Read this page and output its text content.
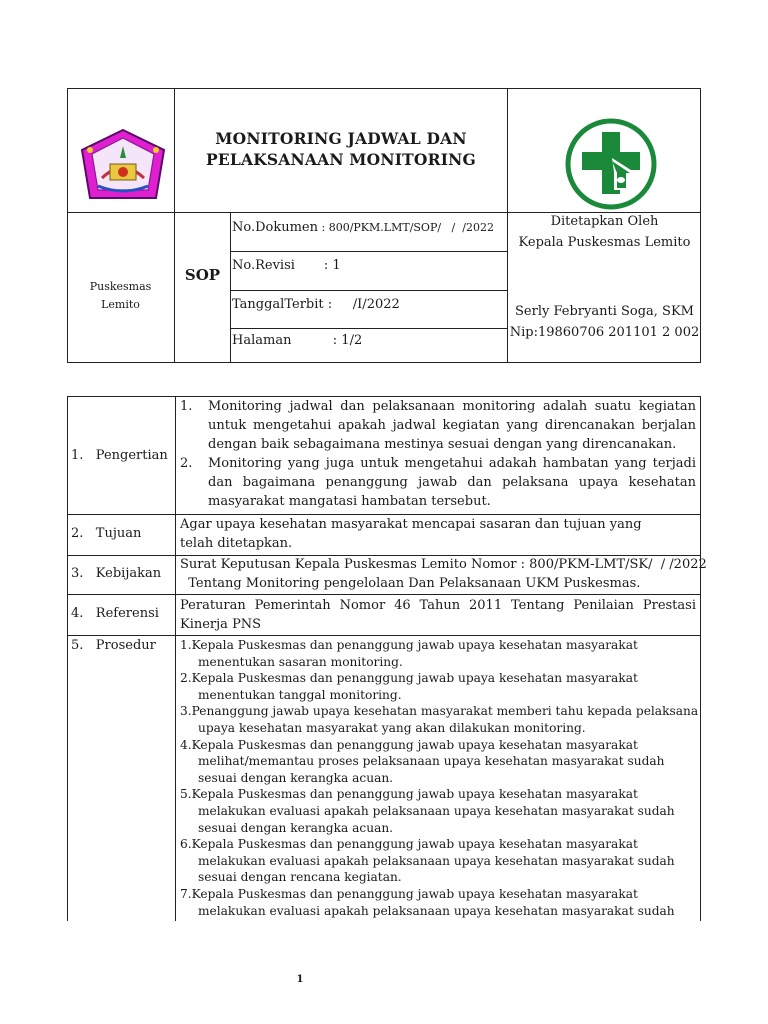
MONITORING JADWAL DAN
PELAKSANAAN MONITORING
Puskesmas
Lemito
SOP
No.Dokumen : 800/PKM.LMT/SOP/   /  /2022
No.Revisi       : 1
TanggalTerbit :     /I/2022
Halaman          : 1/2
Ditetapkan Oleh
Kepala Puskesmas Lemito
Serly Febryanti Soga, SKM
Nip:19860706 201101 2 002
1.   Pengertian
1.	Monitoring jadwal dan pelaksanaan monitoring adalah suatu kegiatan untuk mengetahui apakah jadwal kegiatan yang direncanakan berjalan dengan baik sebagaimana mestinya sesuai dengan yang direncanakan.
2.	Monitoring yang juga untuk mengetahui adakah hambatan yang terjadi dan bagaimana penanggung jawab dan pelaksana upaya kesehatan masyarakat mangatasi hambatan tersebut.
2.   Tujuan
Agar upaya kesehatan masyarakat mencapai sasaran dan tujuan yang telah ditetapkan.
3.   Kebijakan
Surat Keputusan Kepala Puskesmas Lemito Nomor : 800/PKM-LMT/SK/  / /2022
Tentang Monitoring pengelolaan Dan Pelaksanaan UKM Puskesmas.
4.   Referensi
Peraturan Pemerintah Nomor 46 Tahun 2011 Tentang Penilaian Prestasi Kinerja PNS
5.   Prosedur 1.Kepala Puskesmas dan penanggung jawab upaya kesehatan masyarakat
menentukan sasaran monitoring.
2.Kepala Puskesmas dan penanggung jawab upaya kesehatan masyarakat
menentukan tanggal monitoring.
3.Penanggung jawab upaya kesehatan masyarakat memberi tahu kepada pelaksana
upaya kesehatan masyarakat yang akan dilakukan monitoring.
4.Kepala Puskesmas dan penanggung jawab upaya kesehatan masyarakat
melihat/memantau proses pelaksanaan upaya kesehatan masyarakat sudah
sesuai dengan kerangka acuan.
5.Kepala Puskesmas dan penanggung jawab upaya kesehatan masyarakat
melakukan evaluasi apakah pelaksanaan upaya kesehatan masyarakat sudah
sesuai dengan kerangka acuan.
6.Kepala Puskesmas dan penanggung jawab upaya kesehatan masyarakat
melakukan evaluasi apakah pelaksanaan upaya kesehatan masyarakat sudah
sesuai dengan rencana kegiatan.
7.Kepala Puskesmas dan penanggung jawab upaya kesehatan masyarakat
melakukan evaluasi apakah pelaksanaan upaya kesehatan masyarakat sudah
1
